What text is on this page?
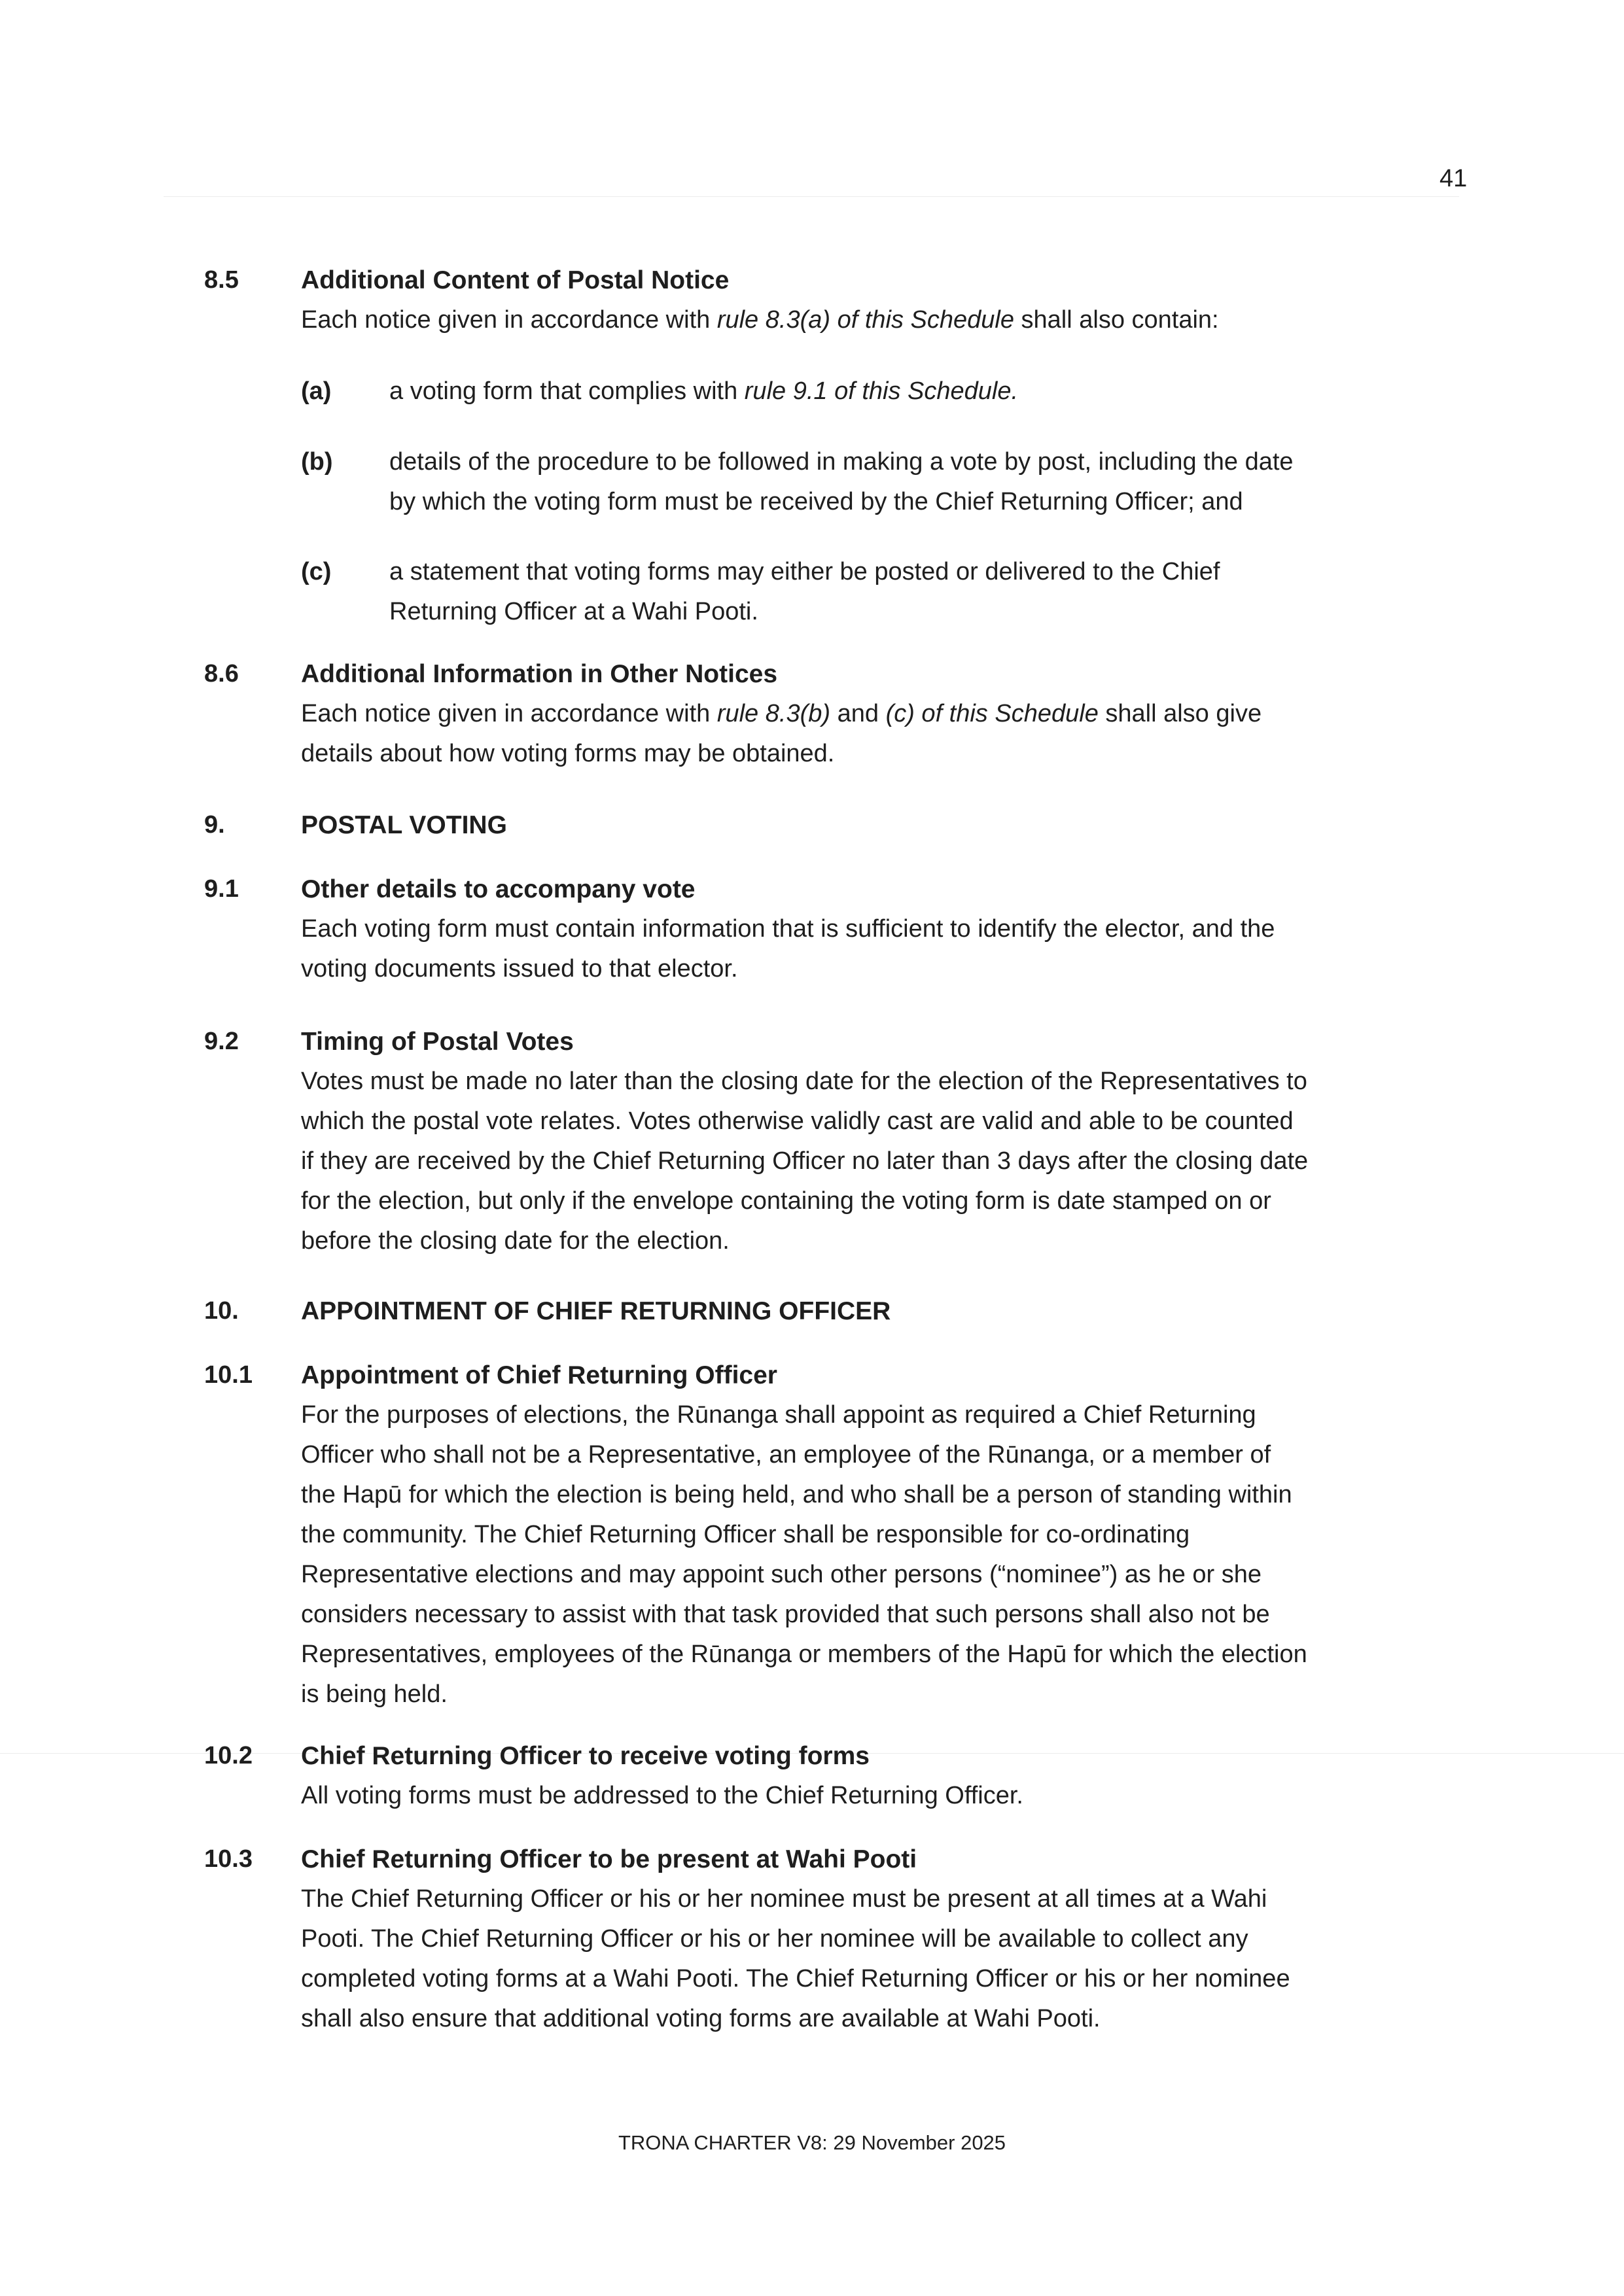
41
8.5	Additional Content of Postal Notice

Each notice given in accordance with rule 8.3(a) of this Schedule shall also contain:

(a)	a voting form that complies with rule 9.1 of this Schedule.
(b)	details of the procedure to be followed in making a vote by post, including the date
by which the voting form must be received by the Chief Returning Officer; and
(c)	a statement that voting forms may either be posted or delivered to the Chief
Returning Officer at a Wahi Pooti.
8.6	Additional Information in Other Notices
Each notice given in accordance with rule 8.3(b) and (c) of this Schedule shall also give
details about how voting forms may be obtained.
9.	POSTAL VOTING
9.1	Other details to accompany vote
Each voting form must contain information that is sufficient to identify the elector, and the
voting documents issued to that elector.
9.2	Timing of Postal Votes
Votes must be made no later than the closing date for the election of the Representatives to
which the postal vote relates. Votes otherwise validly cast are valid and able to be counted
if they are received by the Chief Returning Officer no later than 3 days after the closing date
for the election, but only if the envelope containing the voting form is date stamped on or
before the closing date for the election.
10.	APPOINTMENT OF CHIEF RETURNING OFFICER
10.1	Appointment of Chief Returning Officer
For the purposes of elections, the Rūnanga shall appoint as required a Chief Returning
Officer who shall not be a Representative, an employee of the Rūnanga, or a member of
the Hapū for which the election is being held, and who shall be a person of standing within
the community. The Chief Returning Officer shall be responsible for co-ordinating
Representative elections and may appoint such other persons (“nominee”) as he or she
considers necessary to assist with that task provided that such persons shall also not be
Representatives, employees of the Rūnanga or members of the Hapū for which the election
is being held.
10.2	Chief Returning Officer to receive voting forms
All voting forms must be addressed to the Chief Returning Officer.
10.3	Chief Returning Officer to be present at Wahi Pooti
The Chief Returning Officer or his or her nominee must be present at all times at a Wahi
Pooti. The Chief Returning Officer or his or her nominee will be available to collect any
completed voting forms at a Wahi Pooti. The Chief Returning Officer or his or her nominee
shall also ensure that additional voting forms are available at Wahi Pooti.
TRONA CHARTER V8: 29 November 2025
